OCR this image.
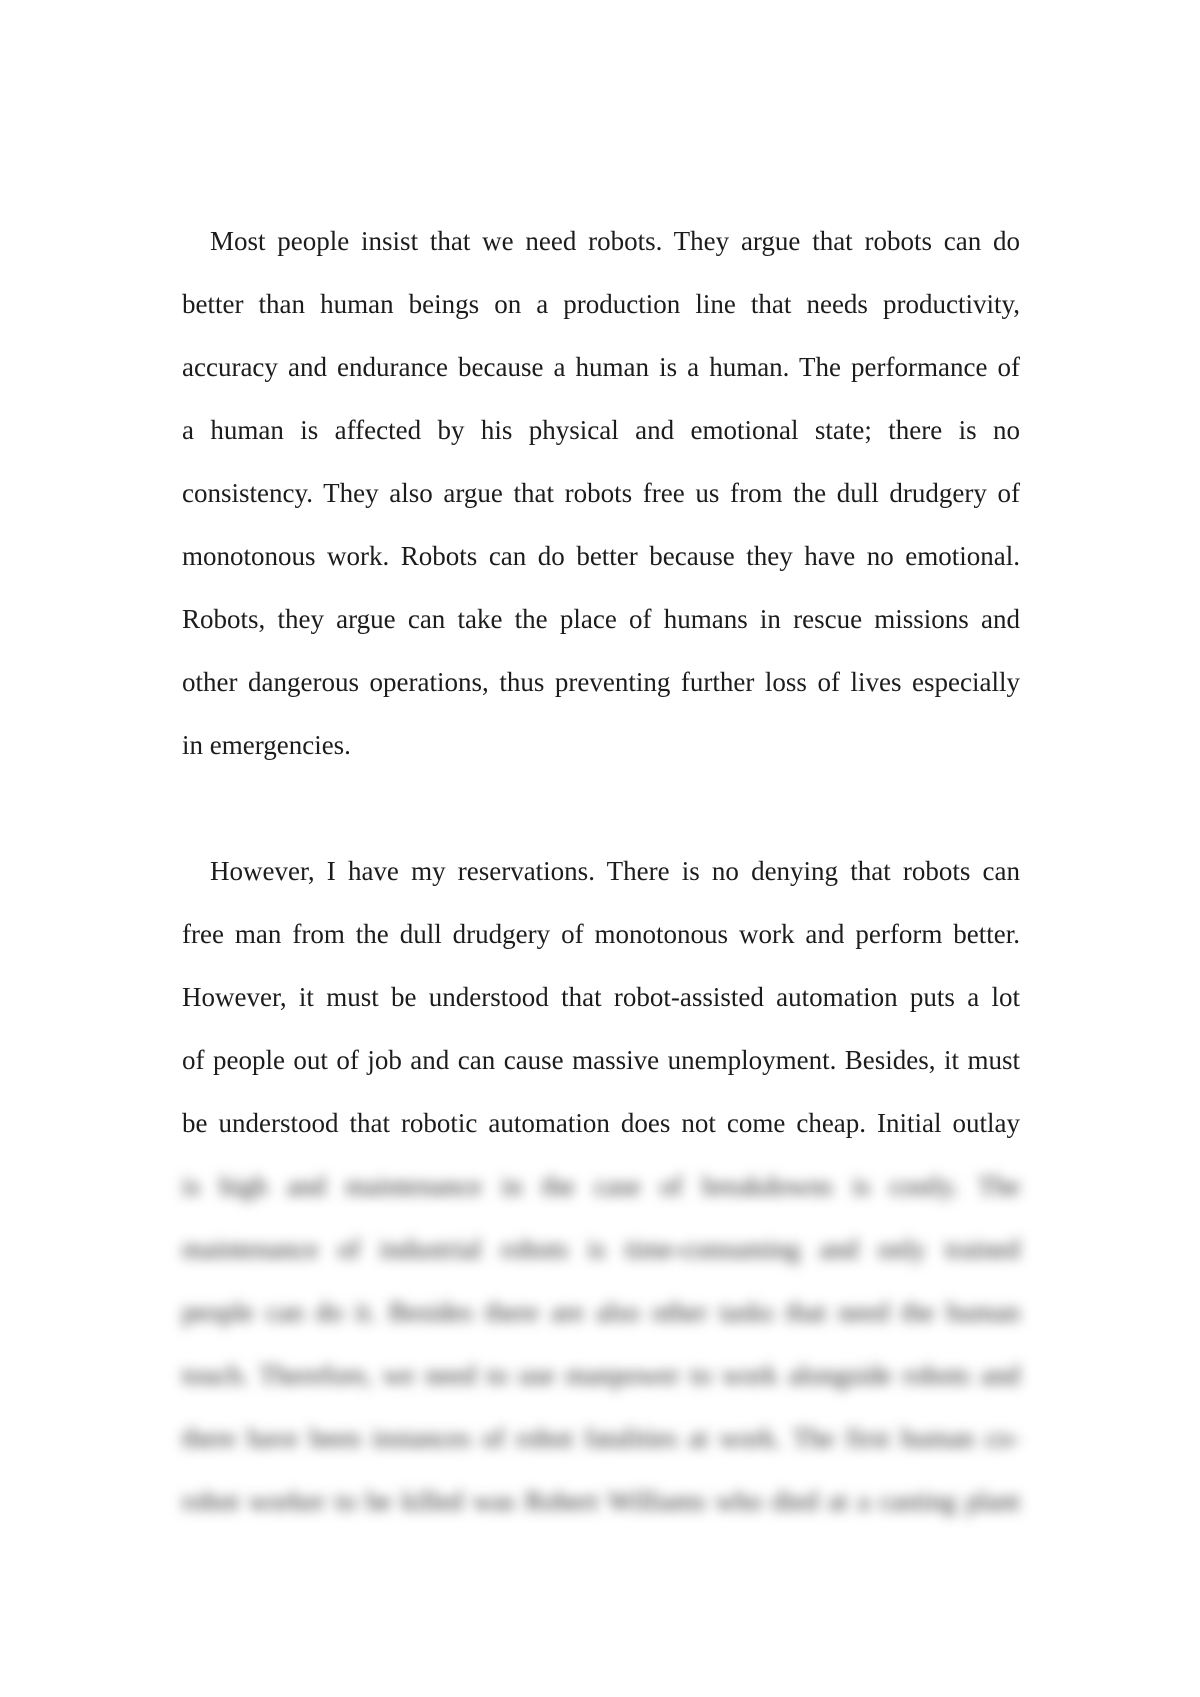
Most people insist that we need robots. They argue that robots can do
better than human beings on a production line that needs productivity,
accuracy and endurance because a human is a human. The performance of
a human is affected by his physical and emotional state; there is no
consistency. They also argue that robots free us from the dull drudgery of
monotonous work. Robots can do better because they have no emotional.
Robots, they argue can take the place of humans in rescue missions and
other dangerous operations, thus preventing further loss of lives especially
in emergencies.
However, I have my reservations. There is no denying that robots can
free man from the dull drudgery of monotonous work and perform better.
However, it must be understood that robot-assisted automation puts a lot
of people out of job and can cause massive unemployment. Besides, it must
be understood that robotic automation does not come cheap. Initial outlay
is high and maintenance in the case of breakdowns is costly. The
maintenance of industrial robots is time-consuming and only trained
people can do it. Besides there are also other tasks that need the human
touch. Therefore, we need to use manpower to work alongside robots and
there have been instances of robot fatalities at work. The first human co-
robot worker to be killed was Robert Williams who died at a casting plant
